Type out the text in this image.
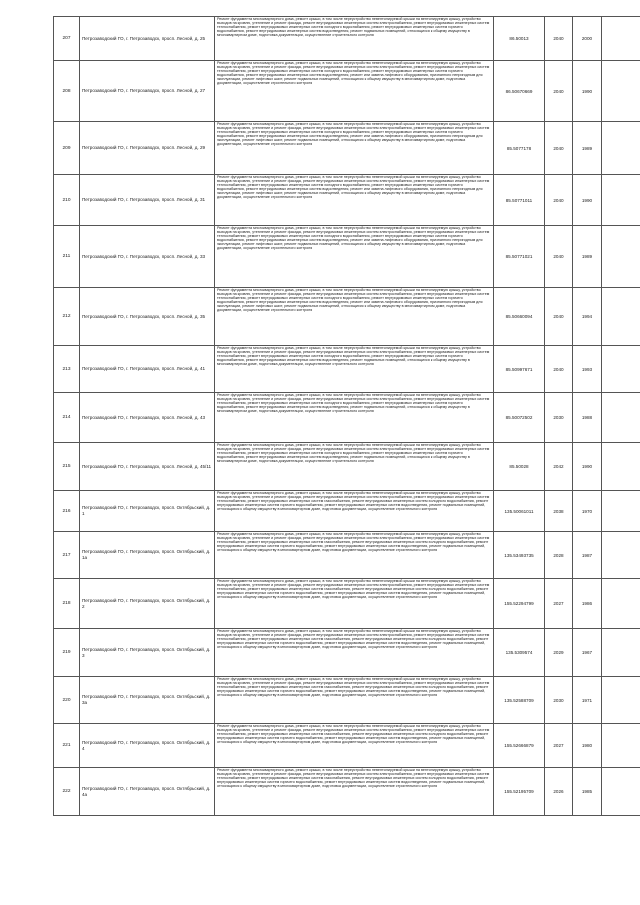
207	Петрозаводский ГО, г. Петрозаводск, просп. Лесной, д. 25	Ремонт фундамента многоквартирного дома, ремонт крыши, в том числе переустройство невентилируемой крыши на вентилируемую крышу, устройство выходов на кровлю, утепление и ремонт фасада, ремонт внутридомовых инженерных систем электроснабжения, ремонт внутридомовых инженерных систем теплоснабжения, ремонт внутридомовых инженерных систем холодного водоснабжения, ремонт внутридомовых инженерных систем горячего водоснабжения, ремонт внутридомовых инженерных систем водоотведения, ремонт подвальных помещений, относящихся к общему имуществу в многоквартирном доме, подготовка документации, осуществление строительного контроля	86.50013	2040	2000	
208	Петрозаводский ГО, г. Петрозаводск, просп. Лесной, д. 27	Ремонт фундамента многоквартирного дома, ремонт крыши, в том числе переустройство невентилируемой крыши на вентилируемую крышу, устройство выходов на кровлю, утепление и ремонт фасада, ремонт внутридомовых инженерных систем электроснабжения, ремонт внутридомовых инженерных систем теплоснабжения, ремонт внутридомовых инженерных систем холодного водоснабжения, ремонт внутридомовых инженерных систем горячего водоснабжения, ремонт внутридомовых инженерных систем водоотведения, ремонт или замена лифтового оборудования, признанного непригодным для эксплуатации, ремонт лифтовых шахт, ремонт подвальных помещений, относящихся к общему имуществу в многоквартирном доме, подготовка документации, осуществление строительного контроля	86.50670669	2040	1990	
209	Петрозаводский ГО, г. Петрозаводск, просп. Лесной, д. 29	Ремонт фундамента многоквартирного дома, ремонт крыши, в том числе переустройство невентилируемой крыши на вентилируемую крышу, устройство выходов на кровлю, утепление и ремонт фасада, ремонт внутридомовых инженерных систем электроснабжения, ремонт внутридомовых инженерных систем теплоснабжения, ремонт внутридомовых инженерных систем холодного водоснабжения, ремонт внутридомовых инженерных систем горячего водоснабжения, ремонт внутридомовых инженерных систем водоотведения, ремонт или замена лифтового оборудования, признанного непригодным для эксплуатации, ремонт лифтовых шахт, ремонт подвальных помещений, относящихся к общему имуществу в многоквартирном доме, подготовка документации, осуществление строительного контроля	85.5077178	2040	1989	
210	Петрозаводский ГО, г. Петрозаводск, просп. Лесной, д. 31	Ремонт фундамента многоквартирного дома, ремонт крыши, в том числе переустройство невентилируемой крыши на вентилируемую крышу, устройство выходов на кровлю, утепление и ремонт фасада, ремонт внутридомовых инженерных систем электроснабжения, ремонт внутридомовых инженерных систем теплоснабжения, ремонт внутридомовых инженерных систем холодного водоснабжения, ремонт внутридомовых инженерных систем горячего водоснабжения, ремонт внутридомовых инженерных систем водоотведения, ремонт или замена лифтового оборудования, признанного непригодным для эксплуатации, ремонт лифтовых шахт, ремонт подвальных помещений, относящихся к общему имуществу в многоквартирном доме, подготовка документации, осуществление строительного контроля	85.50771011	2040	1990	
211	Петрозаводский ГО, г. Петрозаводск, просп. Лесной, д. 33	Ремонт фундамента многоквартирного дома, ремонт крыши, в том числе переустройство невентилируемой крыши на вентилируемую крышу, устройство выходов на кровлю, утепление и ремонт фасада, ремонт внутридомовых инженерных систем электроснабжения, ремонт внутридомовых инженерных систем теплоснабжения, ремонт внутридомовых инженерных систем холодного водоснабжения, ремонт внутридомовых инженерных систем горячего водоснабжения, ремонт внутридомовых инженерных систем водоотведения, ремонт или замена лифтового оборудования, признанного непригодным для эксплуатации, ремонт лифтовых шахт, ремонт подвальных помещений, относящихся к общему имуществу в многоквартирном доме, подготовка документации, осуществление строительного контроля	85.50771021	2040	1989	
212	Петрозаводский ГО, г. Петрозаводск, просп. Лесной, д. 35	Ремонт фундамента многоквартирного дома, ремонт крыши, в том числе переустройство невентилируемой крыши на вентилируемую крышу, устройство выходов на кровлю, утепление и ремонт фасада, ремонт внутридомовых инженерных систем электроснабжения, ремонт внутридомовых инженерных систем теплоснабжения, ремонт внутридомовых инженерных систем холодного водоснабжения, ремонт внутридомовых инженерных систем горячего водоснабжения, ремонт внутридомовых инженерных систем водоотведения, ремонт или замена лифтового оборудования, признанного непригодным для эксплуатации, ремонт лифтовых шахт, ремонт подвальных помещений, относящихся к общему имуществу в многоквартирном доме, подготовка документации, осуществление строительного контроля	85.50660094	2040	1994	
213	Петрозаводский ГО, г. Петрозаводск, просп. Лесной, д. 41	Ремонт фундамента многоквартирного дома, ремонт крыши, в том числе переустройство невентилируемой крыши на вентилируемую крышу, устройство выходов на кровлю, утепление и ремонт фасада, ремонт внутридомовых инженерных систем электроснабжения, ремонт внутридомовых инженерных систем теплоснабжения, ремонт внутридомовых инженерных систем холодного водоснабжения, ремонт внутридомовых инженерных систем горячего водоснабжения, ремонт внутридомовых инженерных систем водоотведения, ремонт подвальных помещений, относящихся к общему имуществу в многоквартирном доме, подготовка документации, осуществление строительного контроля	85.50997671	2040	1993	
214	Петрозаводский ГО, г. Петрозаводск, просп. Лесной, д. 43	Ремонт фундамента многоквартирного дома, ремонт крыши, в том числе переустройство невентилируемой крыши на вентилируемую крышу, устройство выходов на кровлю, утепление и ремонт фасада, ремонт внутридомовых инженерных систем электроснабжения, ремонт внутридомовых инженерных систем теплоснабжения, ремонт внутридомовых инженерных систем холодного водоснабжения, ремонт внутридомовых инженерных систем горячего водоснабжения, ремонт внутридомовых инженерных систем водоотведения, ремонт подвальных помещений, относящихся к общему имуществу в многоквартирном доме, подготовка документации, осуществление строительного контроля	85.50072502	2030	1988	
215	Петрозаводский ГО, г. Петрозаводск, просп. Лесной, д. 45/11	Ремонт фундамента многоквартирного дома, ремонт крыши, в том числе переустройство невентилируемой крыши на вентилируемую крышу, устройство выходов на кровлю, утепление и ремонт фасада, ремонт внутридомовых инженерных систем электроснабжения, ремонт внутридомовых инженерных систем теплоснабжения, ремонт внутридомовых инженерных систем холодного водоснабжения, ремонт внутридомовых инженерных систем горячего водоснабжения, ремонт внутридомовых инженерных систем водоотведения, ремонт подвальных помещений, относящихся к общему имуществу в многоквартирном доме, подготовка документации, осуществление строительного контроля	85.50028	2042	1990	
216	Петрозаводский ГО, г. Петрозаводск, просп. Октябрьский, д. 1	Ремонт фундамента многоквартирного дома, ремонт крыши, в том числе переустройство невентилируемой крыши на вентилируемую крышу, устройство выходов на кровлю, утепление и ремонт фасада, ремонт внутридомовых инженерных систем электроснабжения, ремонт внутридомовых инженерных систем теплоснабжения, ремонт внутридомовых инженерных систем газоснабжения, ремонт внутридомовых инженерных систем холодного водоснабжения, ремонт внутридомовых инженерных систем горячего водоснабжения, ремонт внутридомовых инженерных систем водоотведения, ремонт подвальных помещений, относящихся к общему имуществу в многоквартирном доме, подготовка документации, осуществление строительного контроля	135.50061011	2038	1970	
217	Петрозаводский ГО, г. Петрозаводск, просп. Октябрьский, д. 1а	Ремонт фундамента многоквартирного дома, ремонт крыши, в том числе переустройство невентилируемой крыши на вентилируемую крышу, устройство выходов на кровлю, утепление и ремонт фасада, ремонт внутридомовых инженерных систем электроснабжения, ремонт внутридомовых инженерных систем теплоснабжения, ремонт внутридомовых инженерных систем газоснабжения, ремонт внутридомовых инженерных систем холодного водоснабжения, ремонт внутридомовых инженерных систем горячего водоснабжения, ремонт внутридомовых инженерных систем водоотведения, ремонт подвальных помещений, относящихся к общему имуществу в многоквартирном доме, подготовка документации, осуществление строительного контроля	135.53493735	2028	1987	
218	Петрозаводский ГО, г. Петрозаводск, просп. Октябрьский, д. 2	Ремонт фундамента многоквартирного дома, ремонт крыши, в том числе переустройство невентилируемой крыши на вентилируемую крышу, устройство выходов на кровлю, утепление и ремонт фасада, ремонт внутридомовых инженерных систем электроснабжения, ремонт внутридомовых инженерных систем теплоснабжения, ремонт внутридомовых инженерных систем газоснабжения, ремонт внутридомовых инженерных систем холодного водоснабжения, ремонт внутридомовых инженерных систем горячего водоснабжения, ремонт внутридомовых инженерных систем водоотведения, ремонт подвальных помещений, относящихся к общему имуществу в многоквартирном доме, подготовка документации, осуществление строительного контроля	155.52294799	2027	1986	
219	Петрозаводский ГО, г. Петрозаводск, просп. Октябрьский, д. 3	Ремонт фундамента многоквартирного дома, ремонт крыши, в том числе переустройство невентилируемой крыши на вентилируемую крышу, устройство выходов на кровлю, утепление и ремонт фасада, ремонт внутридомовых инженерных систем электроснабжения, ремонт внутридомовых инженерных систем теплоснабжения, ремонт внутридомовых инженерных систем газоснабжения, ремонт внутридомовых инженерных систем холодного водоснабжения, ремонт внутридомовых инженерных систем горячего водоснабжения, ремонт внутридомовых инженерных систем водоотведения, ремонт подвальных помещений, относящихся к общему имуществу в многоквартирном доме, подготовка документации, осуществление строительного контроля	135.5309574	2029	1967	
220	Петрозаводский ГО, г. Петрозаводск, просп. Октябрьский, д. 3а	Ремонт фундамента многоквартирного дома, ремонт крыши, в том числе переустройство невентилируемой крыши на вентилируемую крышу, устройство выходов на кровлю, утепление и ремонт фасада, ремонт внутридомовых инженерных систем электроснабжения, ремонт внутридомовых инженерных систем теплоснабжения, ремонт внутридомовых инженерных систем газоснабжения, ремонт внутридомовых инженерных систем холодного водоснабжения, ремонт внутридомовых инженерных систем горячего водоснабжения, ремонт внутридомовых инженерных систем водоотведения, ремонт подвальных помещений, относящихся к общему имуществу в многоквартирном доме, подготовка документации, осуществление строительного контроля	135.52588709	2030	1971	
221	Петрозаводский ГО, г. Петрозаводск, просп. Октябрьский, д. 4	Ремонт фундамента многоквартирного дома, ремонт крыши, в том числе переустройство невентилируемой крыши на вентилируемую крышу, устройство выходов на кровлю, утепление и ремонт фасада, ремонт внутридомовых инженерных систем электроснабжения, ремонт внутридомовых инженерных систем теплоснабжения, ремонт внутридомовых инженерных систем газоснабжения, ремонт внутридомовых инженерных систем холодного водоснабжения, ремонт внутридомовых инженерных систем горячего водоснабжения, ремонт внутридомовых инженерных систем водоотведения, ремонт подвальных помещений, относящихся к общему имуществу в многоквартирном доме, подготовка документации, осуществление строительного контроля	155.52666879	2027	1980	
222	Петрозаводский ГО, г. Петрозаводск, просп. Октябрьский, д. 4а	Ремонт фундамента многоквартирного дома, ремонт крыши, в том числе переустройство невентилируемой крыши на вентилируемую крышу, устройство выходов на кровлю, утепление и ремонт фасада, ремонт внутридомовых инженерных систем электроснабжения, ремонт внутридомовых инженерных систем теплоснабжения, ремонт внутридомовых инженерных систем газоснабжения, ремонт внутридомовых инженерных систем холодного водоснабжения, ремонт внутридомовых инженерных систем горячего водоснабжения, ремонт внутридомовых инженерных систем водоотведения, ремонт подвальных помещений, относящихся к общему имуществу в многоквартирном доме, подготовка документации, осуществление строительного контроля	155.52195709	2026	1985	
